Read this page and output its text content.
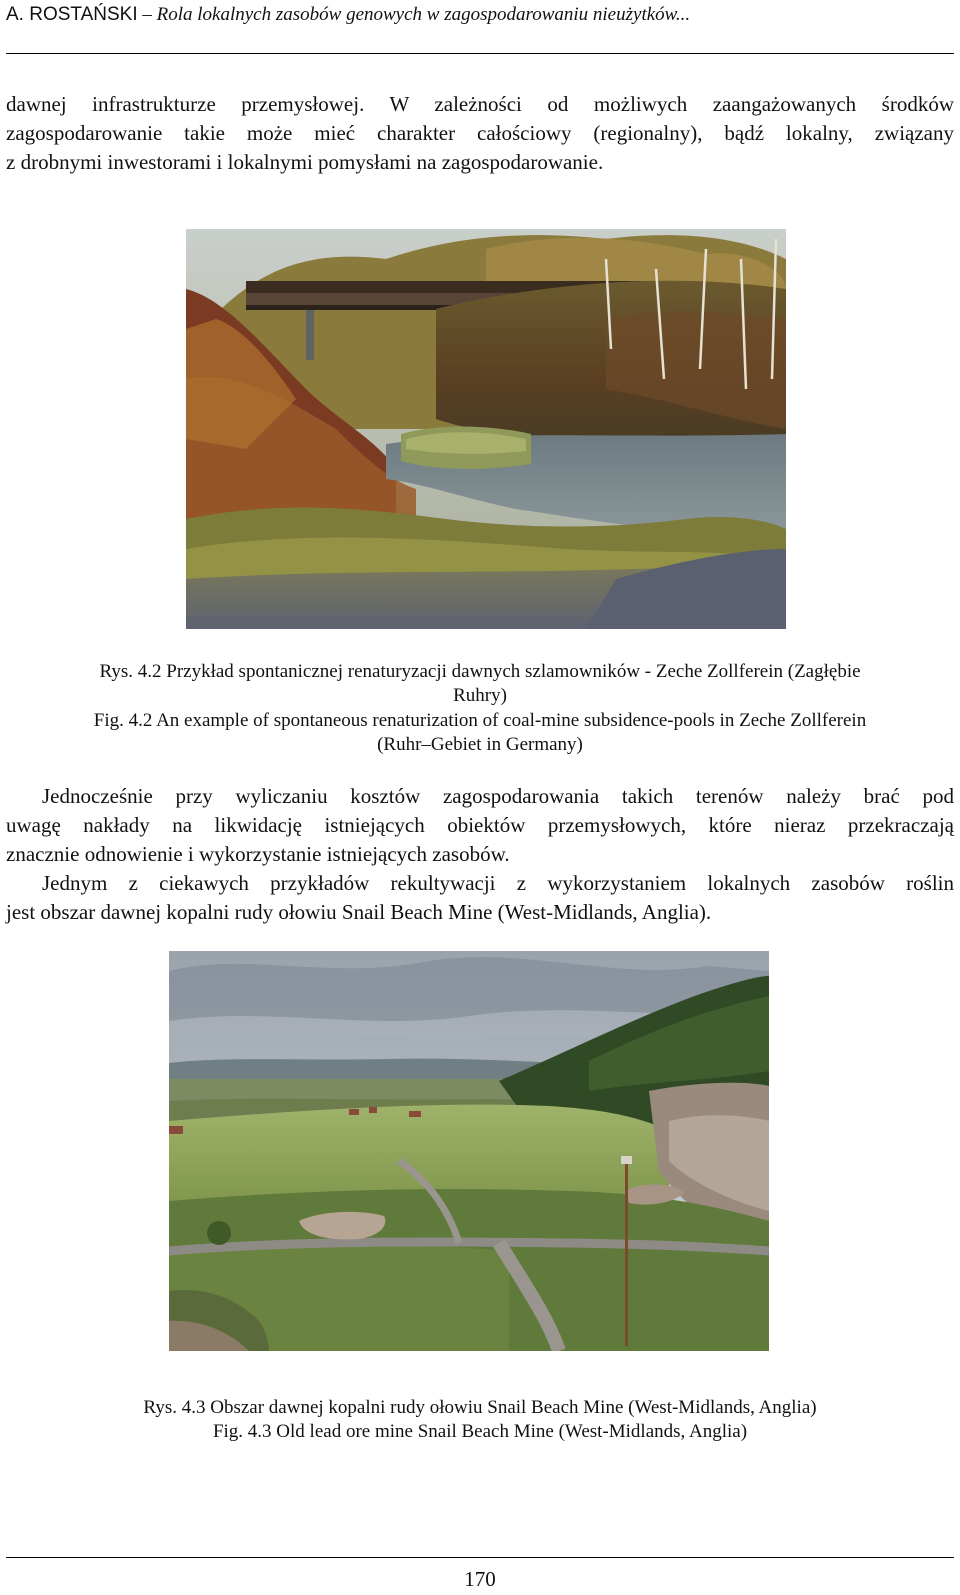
A. ROSTAŃSKI – Rola lokalnych zasobów genowych w zagospodarowaniu nieużytków...
dawnej infrastrukturze przemysłowej. W zależności od możliwych zaangażowanych środków
zagospodarowanie takie może mieć charakter całościowy (regionalny), bądź lokalny, związany
z drobnymi inwestorami i lokalnymi pomysłami na zagospodarowanie.
Rys. 4.2 Przykład spontanicznej renaturyzacji dawnych szlamowników - Zeche Zollferein (Zagłębie
Ruhry)
Fig. 4.2 An example of spontaneous renaturization of coal-mine subsidence-pools in Zeche Zollferein
(Ruhr–Gebiet in Germany)
Jednocześnie przy wyliczaniu kosztów zagospodarowania takich terenów należy brać pod
uwagę nakłady na likwidację istniejących obiektów przemysłowych, które nieraz przekraczają
znacznie odnowienie i wykorzystanie istniejących zasobów.
Jednym z ciekawych przykładów rekultywacji z wykorzystaniem lokalnych zasobów roślin
jest obszar dawnej kopalni rudy ołowiu Snail Beach Mine (West-Midlands, Anglia).
Rys. 4.3 Obszar dawnej kopalni rudy ołowiu Snail Beach Mine (West-Midlands, Anglia)
Fig. 4.3 Old lead ore mine Snail Beach Mine (West-Midlands, Anglia)
170
